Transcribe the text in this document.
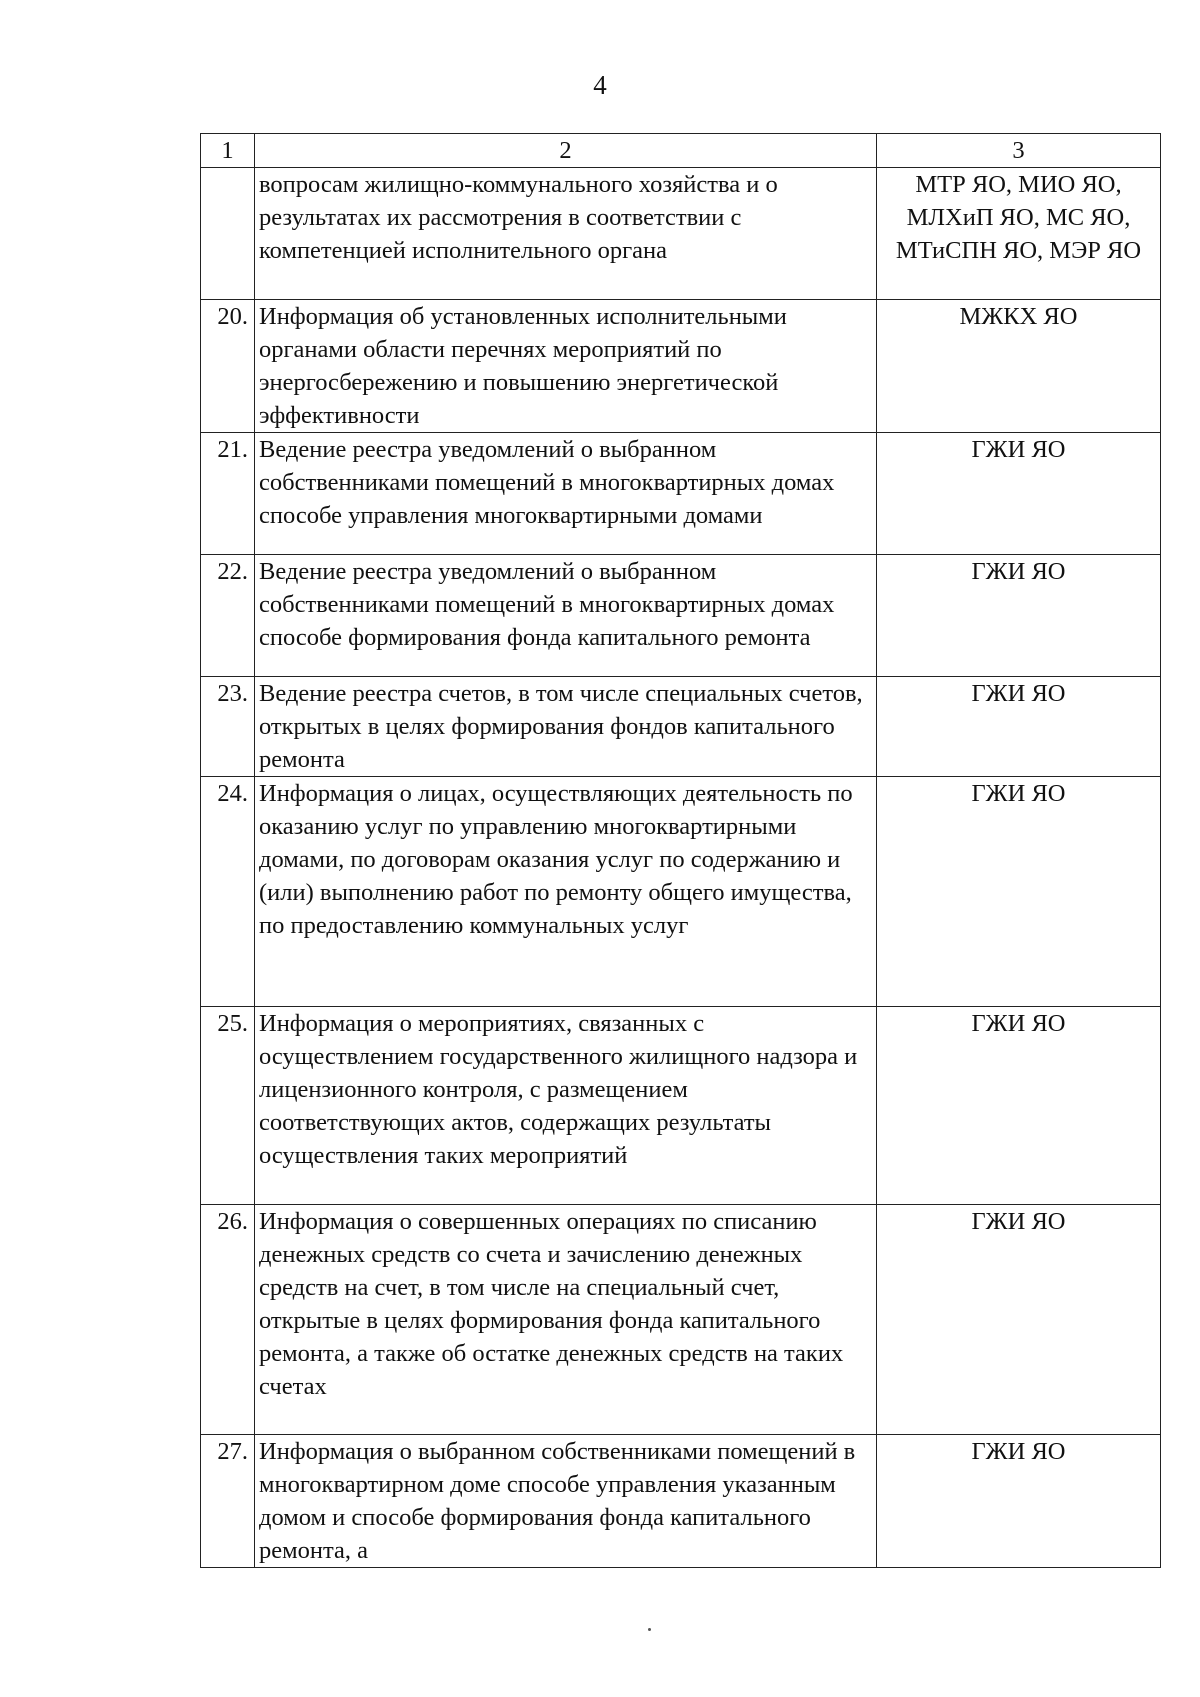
4
1	2	3
	вопросам жилищно-коммунального хозяйства и о результатах их рассмотрения в соответствии с компетенцией исполнительного органа	МТР ЯО, МИО ЯО, МЛХиП ЯО, МС ЯО, МТиСПН ЯО, МЭР ЯО
20.	Информация об установленных исполнительными органами области перечнях мероприятий по энергосбережению и повышению энергетической эффективности	МЖКХ ЯО
21.	Ведение реестра уведомлений о выбранном собственниками помещений в многоквартирных домах способе управления многоквартирными домами	ГЖИ ЯО
22.	Ведение реестра уведомлений о выбранном собственниками помещений в многоквартирных домах способе формирования фонда капитального ремонта	ГЖИ ЯО
23.	Ведение реестра счетов, в том числе специальных счетов, открытых в целях формирования фондов капитального ремонта	ГЖИ ЯО
24.	Информация о лицах, осуществляющих деятельность по оказанию услуг по управлению многоквартирными домами, по договорам оказания услуг по содержанию и (или) выполнению работ по ремонту общего имущества, по предоставлению коммунальных услуг	ГЖИ ЯО
25.	Информация о мероприятиях, связанных с осуществлением государственного жилищного надзора и лицензионного контроля, с размещением соответствующих актов, содержащих результаты осуществления таких мероприятий	ГЖИ ЯО
26.	Информация о совершенных операциях по списанию денежных средств со счета и зачислению денежных средств на счет, в том числе на специальный счет, открытые в целях формирования фонда капитального ремонта, а также об остатке денежных средств на таких счетах	ГЖИ ЯО
27.	Информация о выбранном собственниками помещений в многоквартирном доме способе управления указанным домом и способе формирования фонда капитального ремонта, а	ГЖИ ЯО
